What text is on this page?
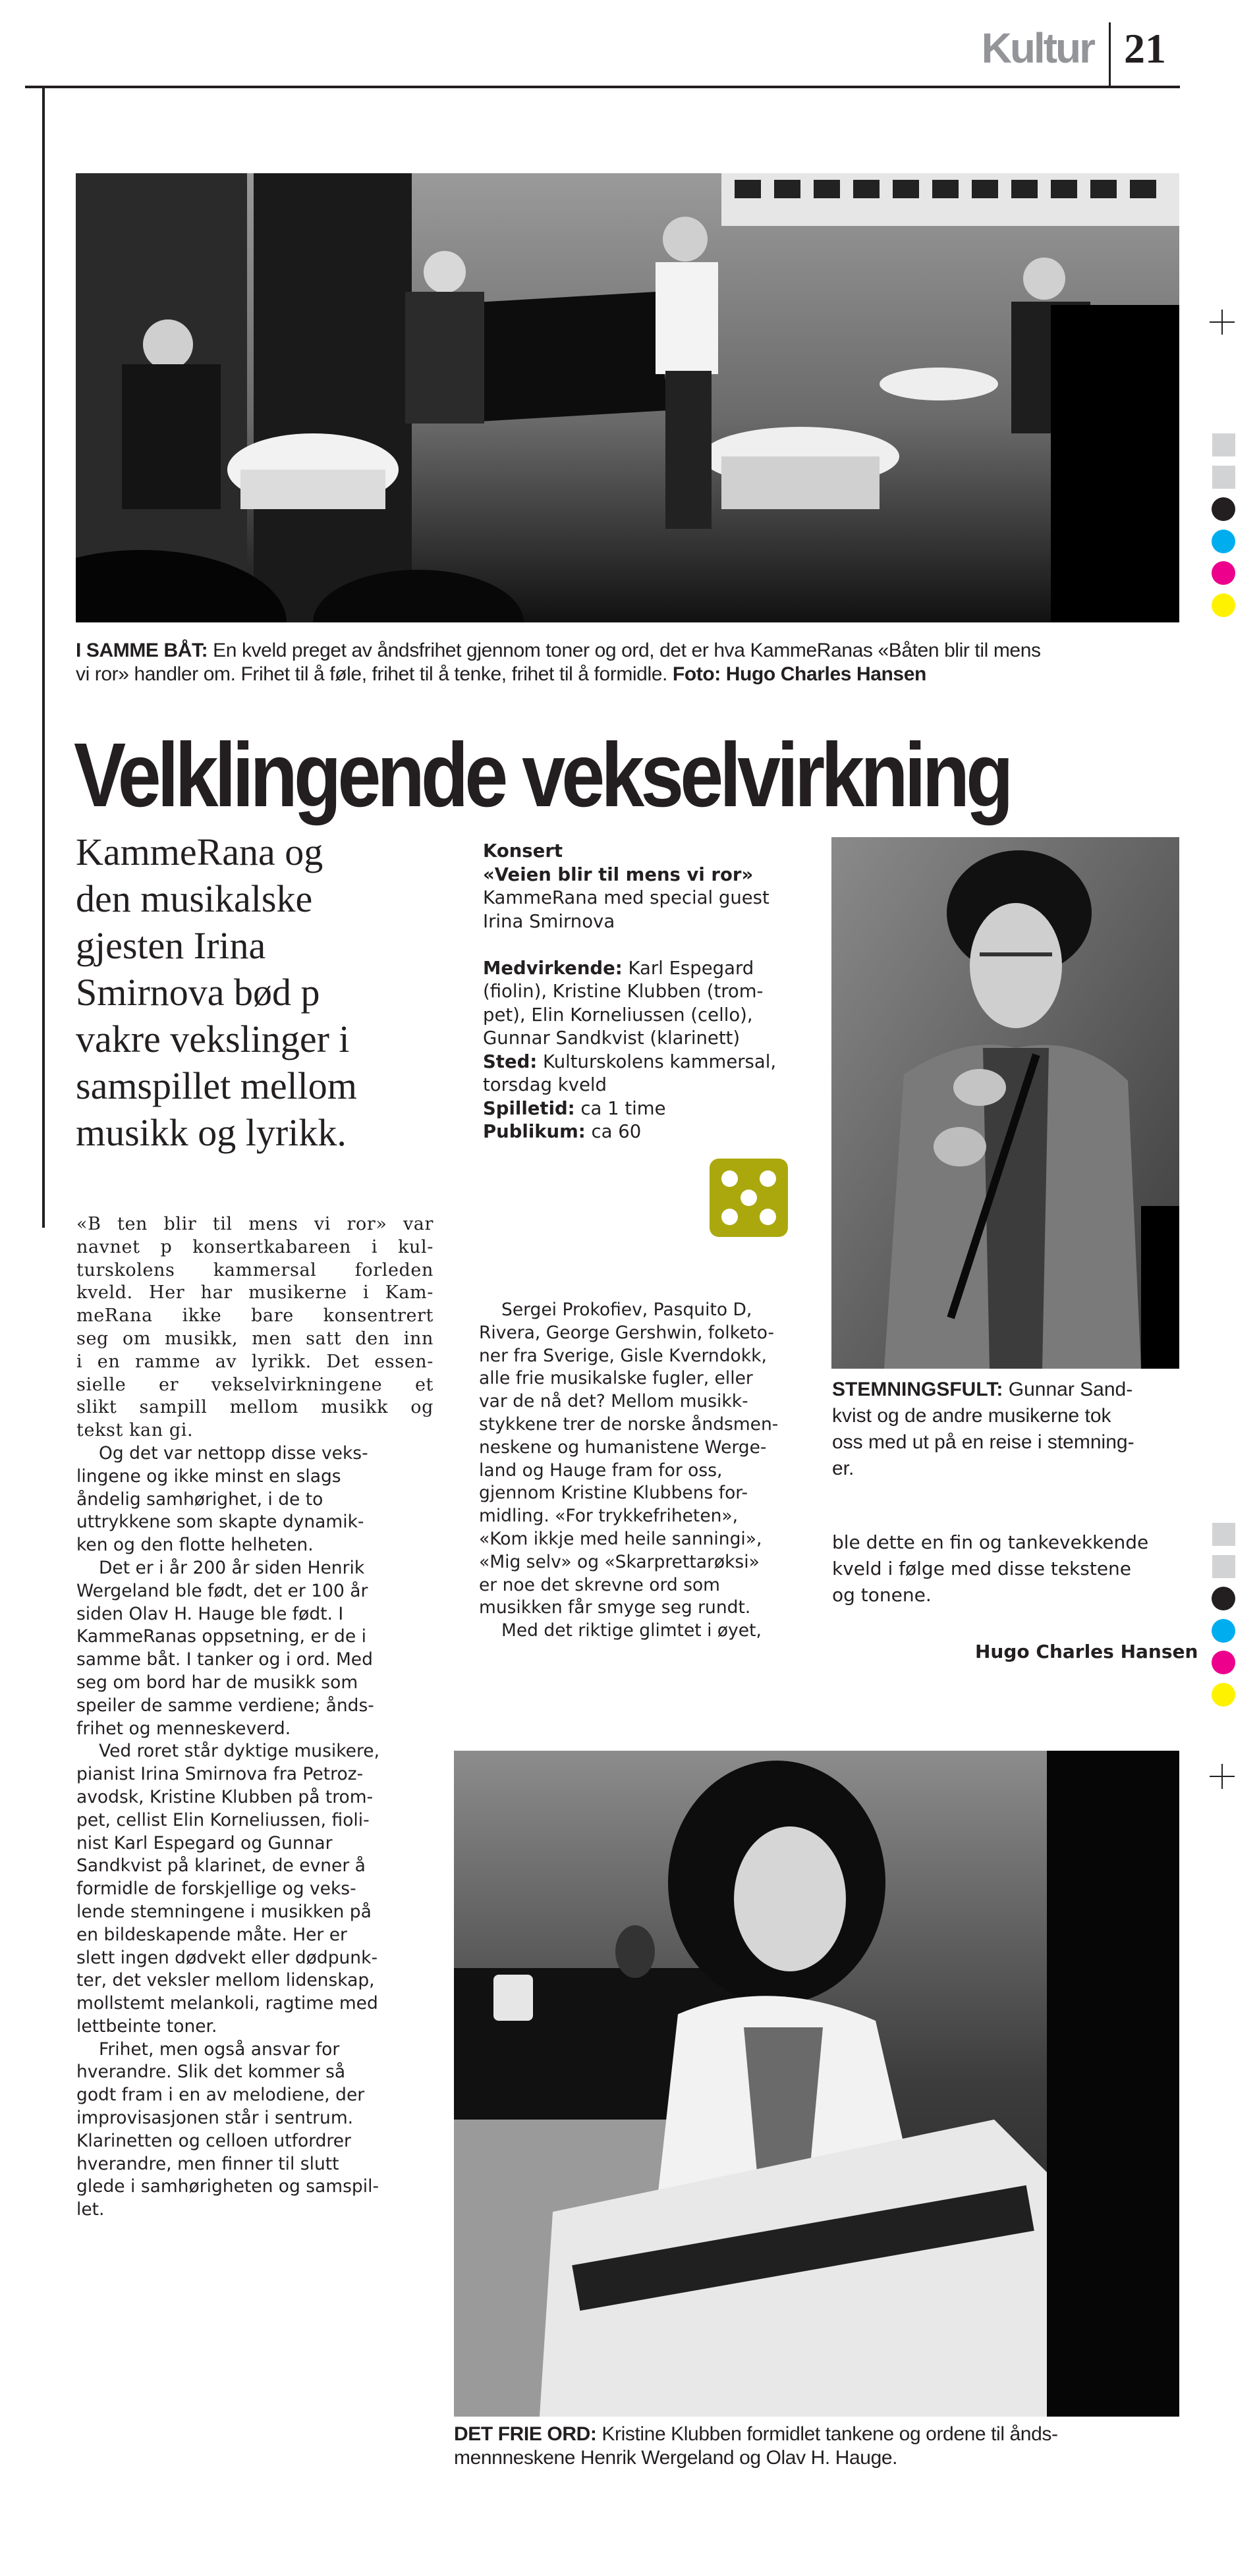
Kultur 21
I SAMME BÅT: En kveld preget av åndsfrihet gjennom toner og ord, det er hva KammeRanas «Båten blir til mens
vi ror» handler om. Frihet til å føle, frihet til å tenke, frihet til å formidle. Foto: Hugo Charles Hansen
Velklingende vekselvirkning
KammeRana og
den musikalske
gjesten Irina
Smirnova bød p
vakre vekslinger i
samspillet mellom
musikk og lyrikk.
«B ten blir til mens vi ror» var
navnet p konsertkabareen i kul-
turskolens kammersal forleden
kveld. Her har musikerne i Kam-
meRana ikke bare konsentrert
seg om musikk, men satt den inn
i en ramme av lyrikk. Det essen-
sielle er vekselvirkningene et
slikt sampill mellom musikk og
tekst kan gi.
Og det var nettopp disse veks-
lingene og ikke minst en slags
åndelig samhørighet, i de to
uttrykkene som skapte dynamik-
ken og den flotte helheten.
Det er i år 200 år siden Henrik
Wergeland ble født, det er 100 år
siden Olav H. Hauge ble født. I
KammeRanas oppsetning, er de i
samme båt. I tanker og i ord. Med
seg om bord har de musikk som
speiler de samme verdiene; ånds-
frihet og menneskeverd.
Ved roret står dyktige musikere,
pianist Irina Smirnova fra Petroz-
avodsk, Kristine Klubben på trom-
pet, cellist Elin Korneliussen, fioli-
nist Karl Espegard og Gunnar
Sandkvist på klarinet, de evner å
formidle de forskjellige og veks-
lende stemningene i musikken på
en bildeskapende måte. Her er
slett ingen dødvekt eller dødpunk-
ter, det veksler mellom lidenskap,
mollstemt melankoli, ragtime med
lettbeinte toner.
Frihet, men også ansvar for
hverandre. Slik det kommer så
godt fram i en av melodiene, der
improvisasjonen står i sentrum.
Klarinetten og celloen utfordrer
hverandre, men finner til slutt
glede i samhørigheten og samspil-
let.
Konsert
«Veien blir til mens vi ror»
KammeRana med special guest
Irina Smirnova

Medvirkende: Karl Espegard
(fiolin), Kristine Klubben (trom-
pet), Elin Korneliussen (cello),
Gunnar Sandkvist (klarinett)
Sted: Kulturskolens kammersal,
torsdag kveld
Spilletid: ca 1 time
Publikum: ca 60
Sergei Prokofiev, Pasquito D,
Rivera, George Gershwin, folketo-
ner fra Sverige, Gisle Kverndokk,
alle frie musikalske fugler, eller
var de nå det? Mellom musikk-
stykkene trer de norske åndsmen-
neskene og humanistene Werge-
land og Hauge fram for oss,
gjennom Kristine Klubbens for-
midling. «For trykkefriheten»,
«Kom ikkje med heile sanningi»,
«Mig selv» og «Skarprettarøksi»
er noe det skrevne ord som
musikken får smyge seg rundt.
Med det riktige glimtet i øyet,
STEMNINGSFULT: Gunnar Sand-
kvist og de andre musikerne tok
oss med ut på en reise i stemning-
er.
ble dette en fin og tankevekkende
kveld i følge med disse tekstene
og tonene.
Hugo Charles Hansen
DET FRIE ORD: Kristine Klubben formidlet tankene og ordene til ånds-
mennneskene Henrik Wergeland og Olav H. Hauge.
